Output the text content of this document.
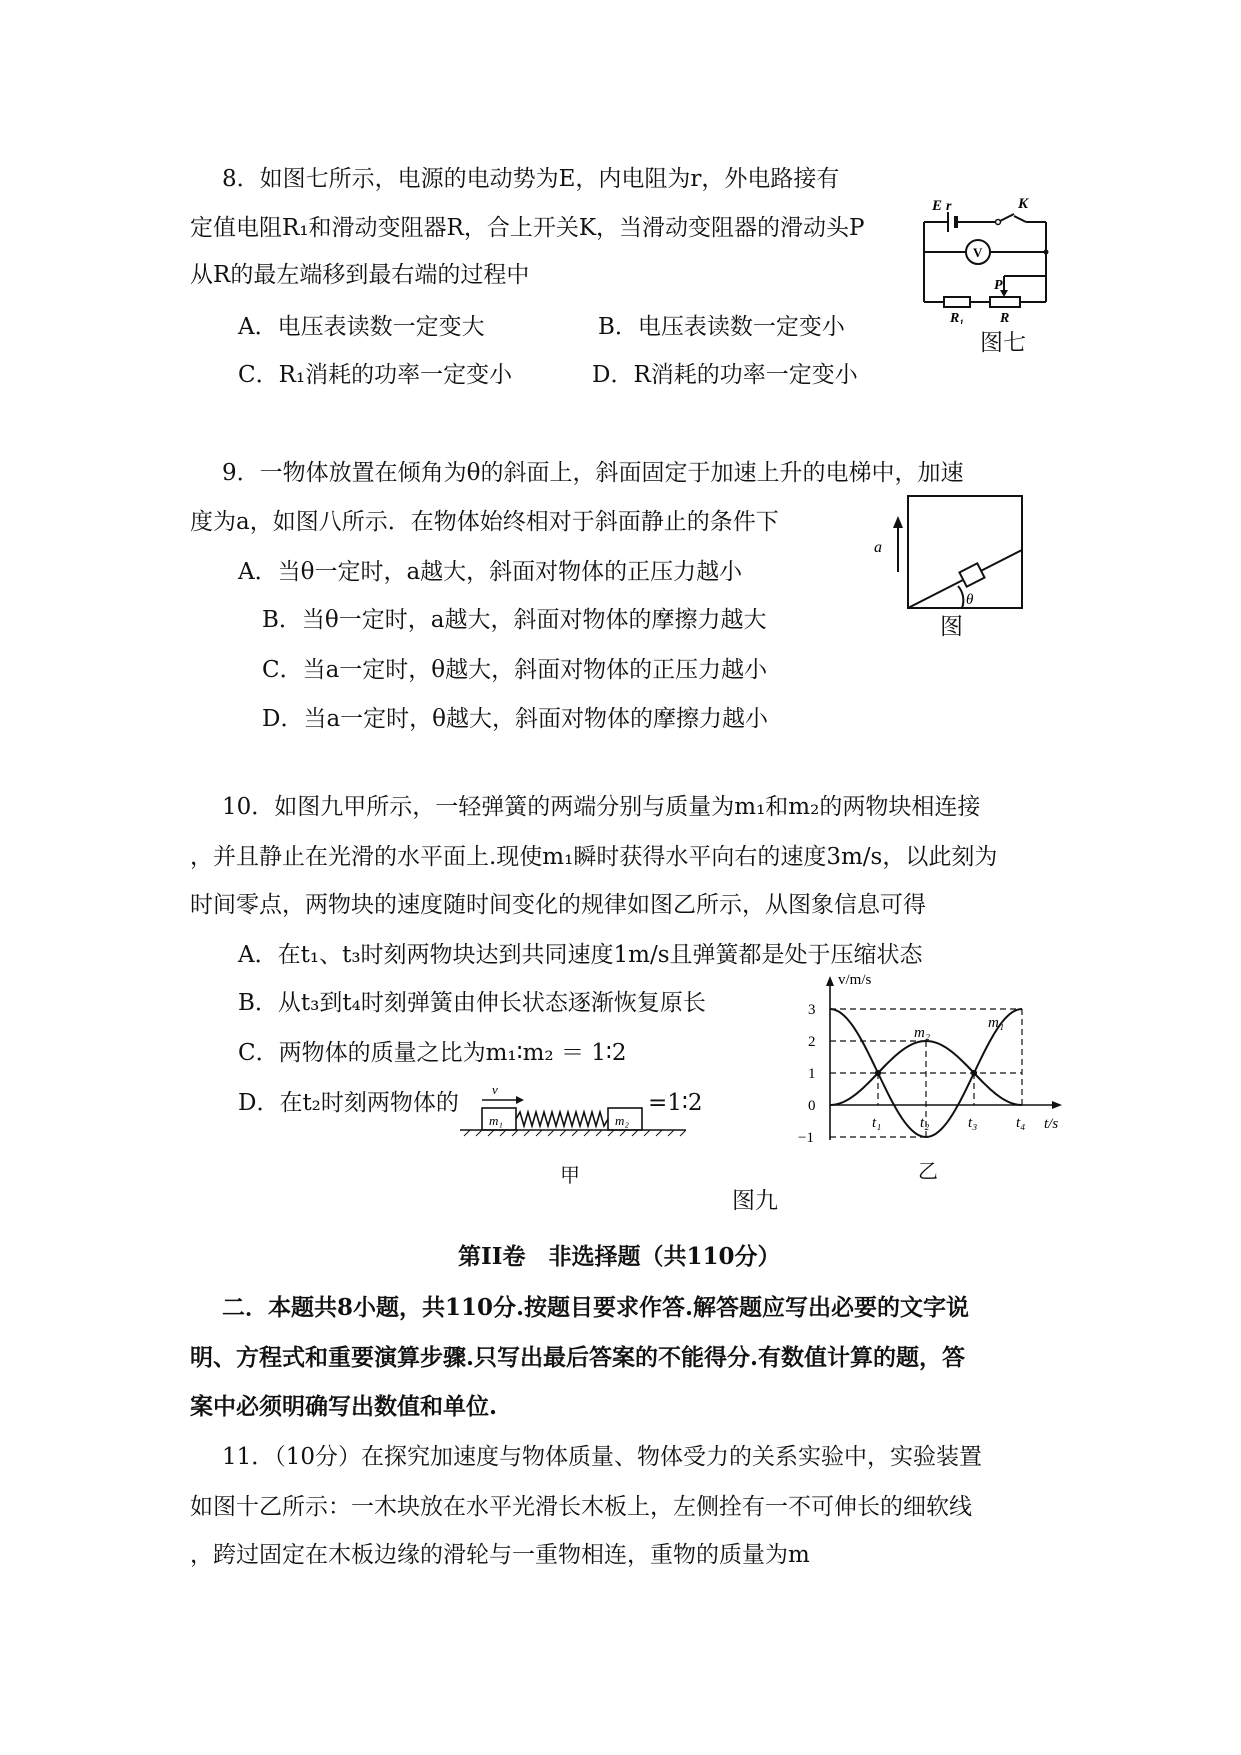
8．如图七所示，电源的电动势为E，内电阻为r，外电路接有
定值电阻R₁和滑动变阻器R，合上开关K，当滑动变阻器的滑动头P
从R的最左端移到最右端的过程中
A．电压表读数一定变大	B．电压表读数一定变小
C．R₁消耗的功率一定变小	D．R消耗的功率一定变小
E r	K
V
P
R
R₁
图七
9．一物体放置在倾角为θ的斜面上，斜面固定于加速上升的电梯中，加速
度为a，如图八所示．在物体始终相对于斜面静止的条件下
A．当θ一定时，a越大，斜面对物体的正压力越小
B．当θ一定时，a越大，斜面对物体的摩擦力越大
C．当a一定时，θ越大，斜面对物体的正压力越小
D．当a一定时，θ越大，斜面对物体的摩擦力越小
a
θ
图
10．如图九甲所示，一轻弹簧的两端分别与质量为m₁和m₂的两物块相连接
，并且静止在光滑的水平面上.现使m₁瞬时获得水平向右的速度3m/s，以此刻为
时间零点，两物块的速度随时间变化的规律如图乙所示，从图象信息可得
A．在t₁、t₃时刻两物块达到共同速度1m/s且弹簧都是处于压缩状态
B．从t₃到t₄时刻弹簧由伸长状态逐渐恢复原长
C．两物体的质量之比为m₁∶m₂ ＝ 1∶2
D．在t₂时刻两物体的	=1∶2
v
m₁	m₂
甲
−1
0
1
2
3
t₁	t₂	t₃	t₄
v/m/s
t/s
m₁
m₂
乙
图九
第II卷　非选择题（共110分）
二．本题共8小题，共110分.按题目要求作答.解答题应写出必要的文字说
明、方程式和重要演算步骤.只写出最后答案的不能得分.有数值计算的题，答
案中必须明确写出数值和单位.
11．（10分）在探究加速度与物体质量、物体受力的关系实验中，实验装置
如图十乙所示：一木块放在水平光滑长木板上，左侧拴有一不可伸长的细软线
，跨过固定在木板边缘的滑轮与一重物相连，重物的质量为m
